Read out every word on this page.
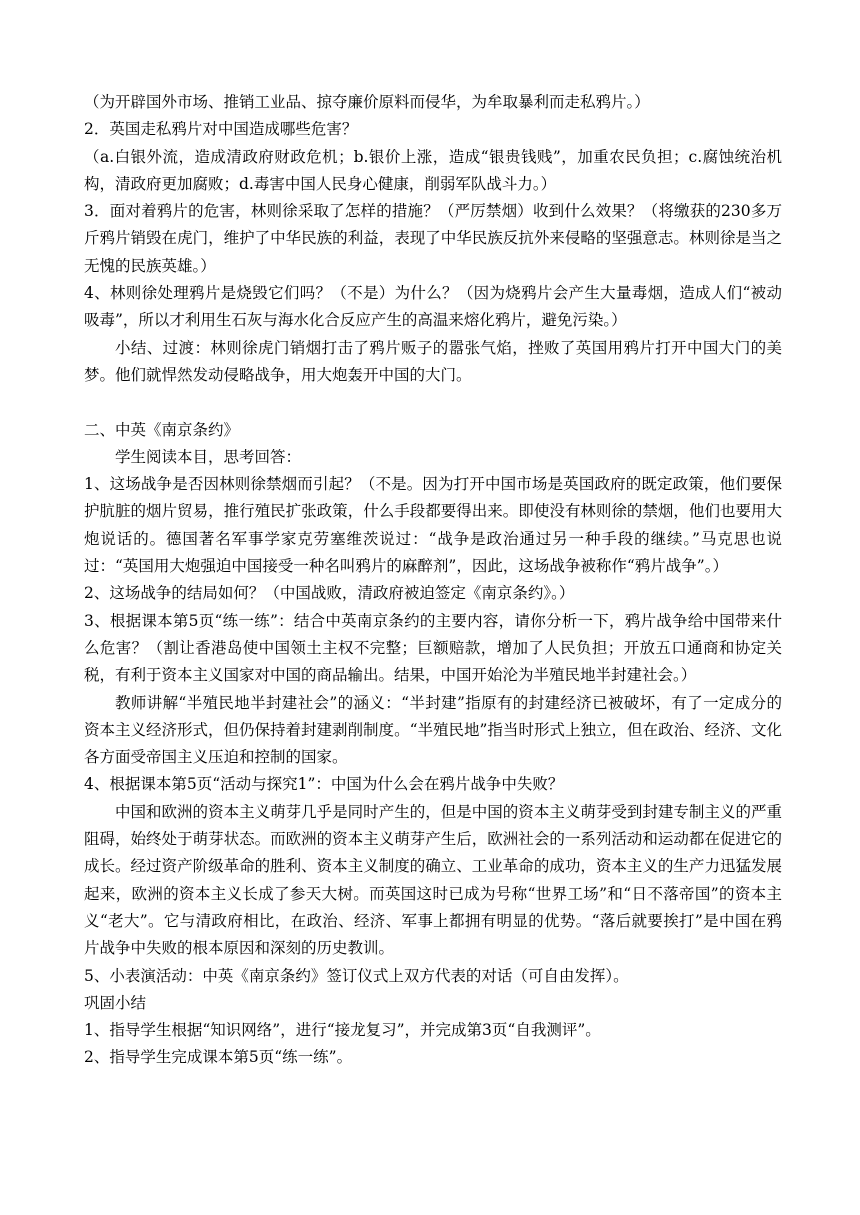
（为开辟国外市场、推销工业品、掠夺廉价原料而侵华，为牟取暴利而走私鸦片。）

2．英国走私鸦片对中国造成哪些危害？

（a.白银外流，造成清政府财政危机；b.银价上涨，造成“银贵钱贱”，加重农民负担；c.腐蚀统治机构，清政府更加腐败；d.毒害中国人民身心健康，削弱军队战斗力。）

3．面对着鸦片的危害，林则徐采取了怎样的措施？（严厉禁烟）收到什么效果？（将缴获的230多万斤鸦片销毁在虎门，维护了中华民族的利益，表现了中华民族反抗外来侵略的坚强意志。林则徐是当之无愧的民族英雄。）

4、林则徐处理鸦片是烧毁它们吗？（不是）为什么？（因为烧鸦片会产生大量毒烟，造成人们“被动吸毒”，所以才利用生石灰与海水化合反应产生的高温来熔化鸦片，避免污染。）

小结、过渡：林则徐虎门销烟打击了鸦片贩子的嚣张气焰，挫败了英国用鸦片打开中国大门的美梦。他们就悍然发动侵略战争，用大炮轰开中国的大门。

二、中英《南京条约》

学生阅读本目，思考回答：

1、这场战争是否因林则徐禁烟而引起？（不是。因为打开中国市场是英国政府的既定政策，他们要保护肮脏的烟片贸易，推行殖民扩张政策，什么手段都要得出来。即使没有林则徐的禁烟，他们也要用大炮说话的。德国著名军事学家克劳塞维茨说过：“战争是政治通过另一种手段的继续。”马克思也说过：“英国用大炮强迫中国接受一种名叫鸦片的麻醉剂”，因此，这场战争被称作“鸦片战争”。）

2、这场战争的结局如何？（中国战败，清政府被迫签定《南京条约》。）

3、根据课本第5页“练一练”：结合中英南京条约的主要内容，请你分析一下，鸦片战争给中国带来什么危害？（割让香港岛使中国领土主权不完整；巨额赔款，增加了人民负担；开放五口通商和协定关税，有利于资本主义国家对中国的商品输出。结果，中国开始沦为半殖民地半封建社会。）

教师讲解“半殖民地半封建社会”的涵义：“半封建”指原有的封建经济已被破坏，有了一定成分的资本主义经济形式，但仍保持着封建剥削制度。“半殖民地”指当时形式上独立，但在政治、经济、文化各方面受帝国主义压迫和控制的国家。

4、根据课本第5页“活动与探究1”：中国为什么会在鸦片战争中失败？

中国和欧洲的资本主义萌芽几乎是同时产生的，但是中国的资本主义萌芽受到封建专制主义的严重阻碍，始终处于萌芽状态。而欧洲的资本主义萌芽产生后，欧洲社会的一系列活动和运动都在促进它的成长。经过资产阶级革命的胜利、资本主义制度的确立、工业革命的成功，资本主义的生产力迅猛发展起来，欧洲的资本主义长成了参天大树。而英国这时已成为号称“世界工场”和“日不落帝国”的资本主义“老大”。它与清政府相比，在政治、经济、军事上都拥有明显的优势。“落后就要挨打”是中国在鸦片战争中失败的根本原因和深刻的历史教训。

5、小表演活动：中英《南京条约》签订仪式上双方代表的对话（可自由发挥）。

巩固小结

1、指导学生根据“知识网络”，进行“接龙复习”，并完成第3页“自我测评”。

2、指导学生完成课本第5页“练一练”。
